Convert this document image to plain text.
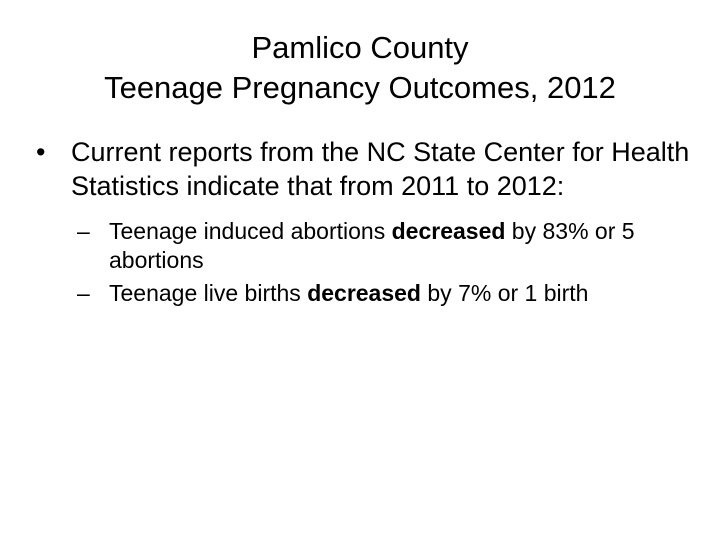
Pamlico County
Teenage Pregnancy Outcomes, 2012
• Current reports from the NC State Center for Health Statistics indicate that from 2011 to 2012:
– Teenage induced abortions decreased by 83% or 5 abortions
– Teenage live births decreased by 7% or 1 birth
